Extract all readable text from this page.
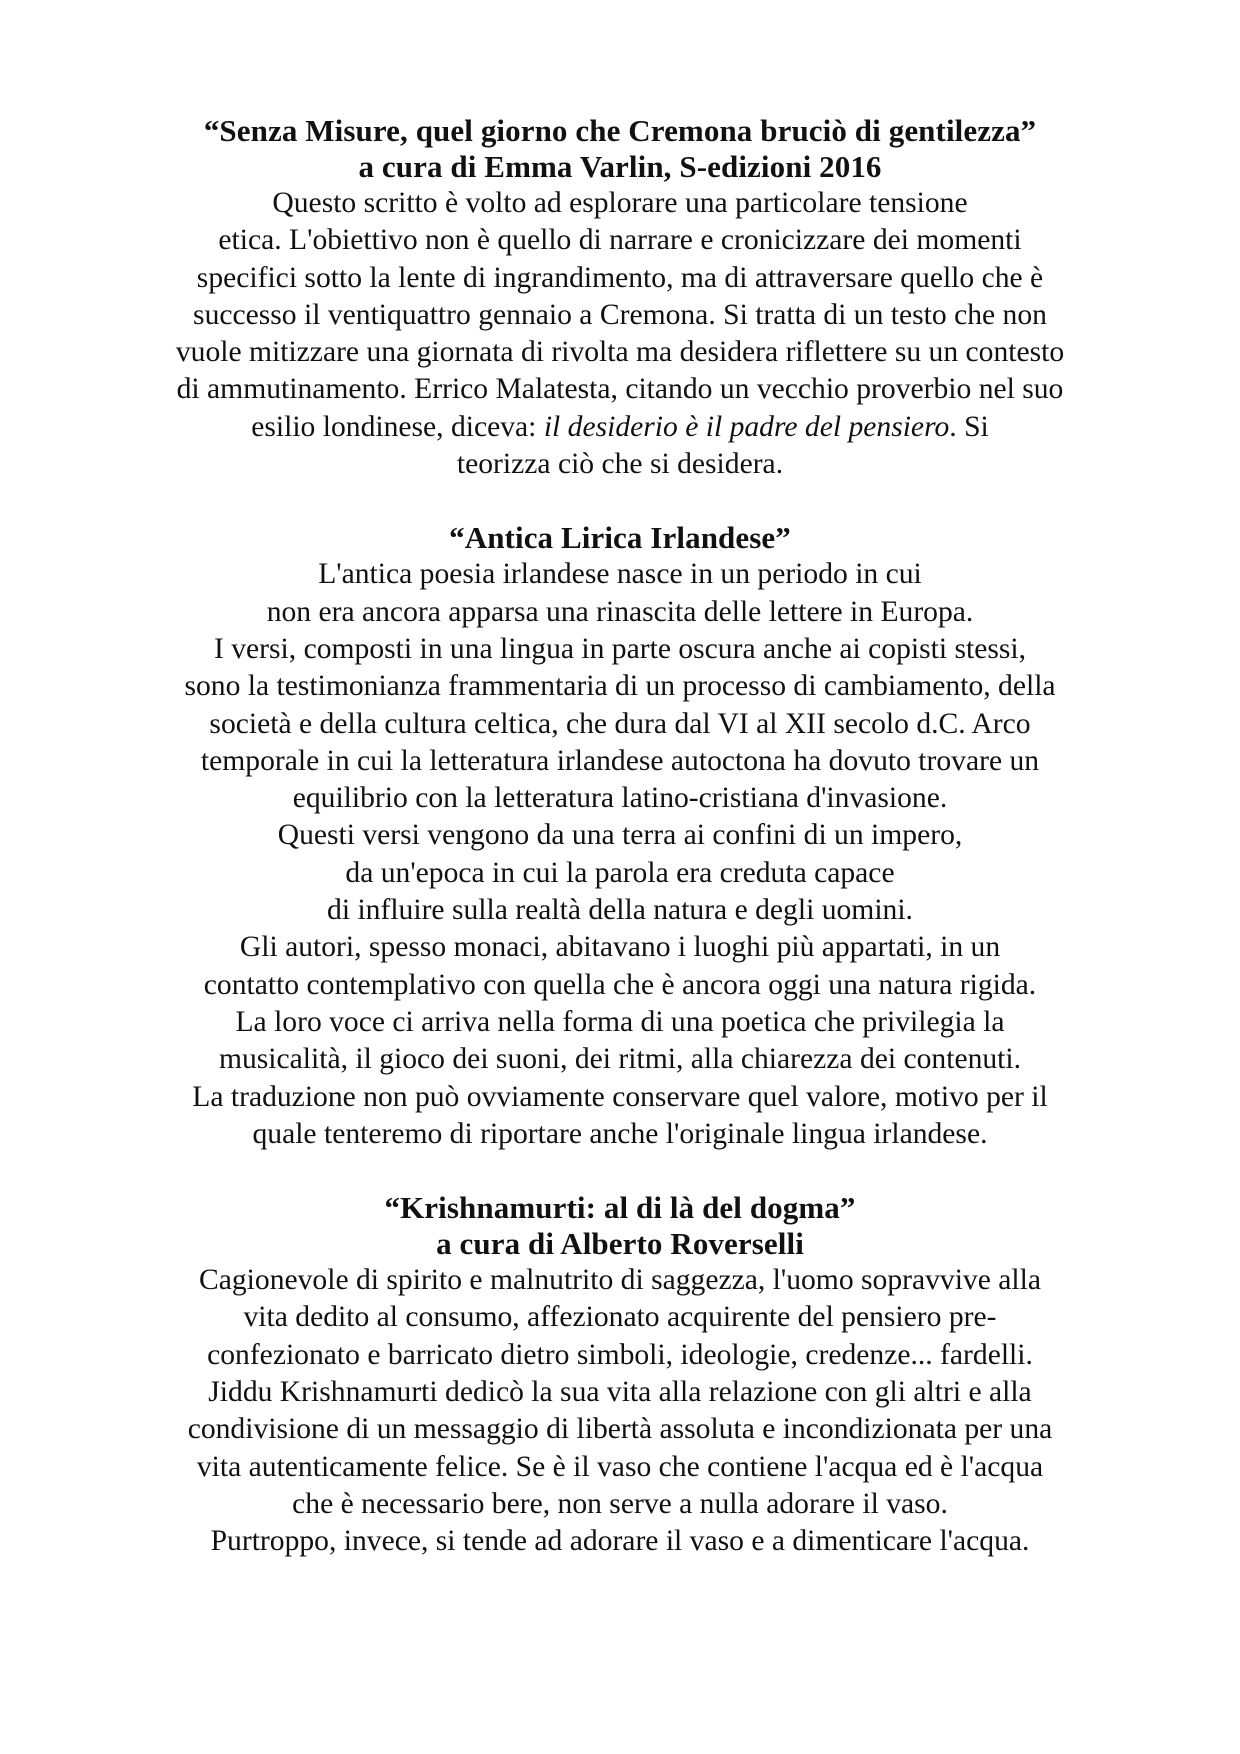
“Senza Misure, quel giorno che Cremona bruciò di gentilezza”
a cura di Emma Varlin, S-edizioni 2016
Questo scritto è volto ad esplorare una particolare tensione
etica. L'obiettivo non è quello di narrare e cronicizzare dei momenti
specifici sotto la lente di ingrandimento, ma di attraversare quello che è
successo il ventiquattro gennaio a Cremona. Si tratta di un testo che non
vuole mitizzare una giornata di rivolta ma desidera riflettere su un contesto
di ammutinamento. Errico Malatesta, citando un vecchio proverbio nel suo
esilio londinese, diceva: il desiderio è il padre del pensiero. Si
teorizza ciò che si desidera.
“Antica Lirica Irlandese”
L'antica poesia irlandese nasce in un periodo in cui
non era ancora apparsa una rinascita delle lettere in Europa.
I versi, composti in una lingua in parte oscura anche ai copisti stessi,
sono la testimonianza frammentaria di un processo di cambiamento, della
società e della cultura celtica, che dura dal VI al XII secolo d.C. Arco
temporale in cui la letteratura irlandese autoctona ha dovuto trovare un
equilibrio con la letteratura latino-cristiana d'invasione.
Questi versi vengono da una terra ai confini di un impero,
da un'epoca in cui la parola era creduta capace
di influire sulla realtà della natura e degli uomini.
Gli autori, spesso monaci, abitavano i luoghi più appartati, in un
contatto contemplativo con quella che è ancora oggi una natura rigida.
La loro voce ci arriva nella forma di una poetica che privilegia la
musicalità, il gioco dei suoni, dei ritmi, alla chiarezza dei contenuti.
La traduzione non può ovviamente conservare quel valore, motivo per il
quale tenteremo di riportare anche l'originale lingua irlandese.
“Krishnamurti: al di là del dogma”
a cura di Alberto Roverselli
Cagionevole di spirito e malnutrito di saggezza, l'uomo sopravvive alla
vita dedito al consumo, affezionato acquirente del pensiero pre-
confezionato e barricato dietro simboli, ideologie, credenze... fardelli.
Jiddu Krishnamurti dedicò la sua vita alla relazione con gli altri e alla
condivisione di un messaggio di libertà assoluta e incondizionata per una
vita autenticamente felice. Se è il vaso che contiene l'acqua ed è l'acqua
che è necessario bere, non serve a nulla adorare il vaso.
Purtroppo, invece, si tende ad adorare il vaso e a dimenticare l'acqua.
